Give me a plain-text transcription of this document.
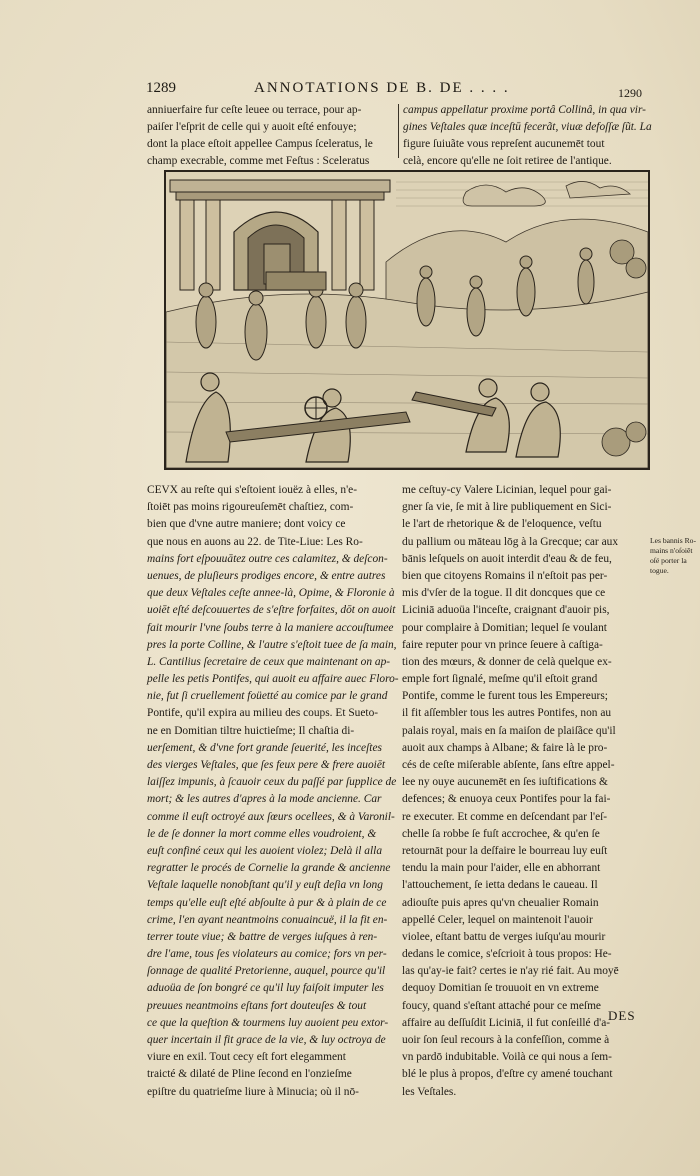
1289	ANNOTATIONS DE B. DE . . . .	1290
anniuerfaire fur ceſte leuee ou terrace, pour ap-
paiſer l'eſprit de celle qui y auoit eſté enfouye;
dont la place eſtoit appellee Campus ſceleratus, le
champ execrable, comme met Feſtus : Sceleratus
campus appellatur proxime portâ Collinâ, in qua vir-
gines Veſtales quæ inceſtū fecerãt, viuæ defoſſæ ſũt. La
figure ſuiuãte vous repreſent aucunemēt tout
celà, encore qu'elle ne ſoit retiree de l'antique.
CEVX au reſte qui s'eſtoient iouëz à elles, n'e-
ſtoiēt pas moins rigoureuſemēt chaſtiez, com-
bien que d'vne autre maniere; dont voicy ce
que nous en auons au 22. de Tite-Liue: Les Ro-
mains fort eſpouuātez outre ces calamitez, & deſcon-
uenues, de pluſieurs prodiges encore, & entre autres
que deux Veſtales ceſte annee-là, Opime, & Floronie à
uoiēt eſté deſcouuertes de s'eſtre forfaites, dōt on auoit
fait mourir l'vne ſoubs terre à la maniere accouſtumee
pres la porte Colline, & l'autre s'eſtoit tuee de ſa main,
L. Cantilius ſecretaire de ceux que maintenant on ap-
pelle les petis Pontifes, qui auoit eu affaire auec Floro-
nie, fut ſi cruellement foüetté au comice par le grand
Pontife, qu'il expira au milieu des coups. Et Sueto-
ne en Domitian tiltre huictieſme; Il chaſtia di-
uerſement, & d'vne fort grande ſeuerité, les inceſtes
des vierges Veſtales, que ſes feux pere & frere auoiēt
laiſſez impunis, à ſcauoir ceux du paſſé par ſupplice de
mort; & les autres d'apres à la mode ancienne. Car
comme il euſt octroyé aux ſœurs ocellees, & à Varonil-
le de ſe donner la mort comme elles voudroient, &
euſt confiné ceux qui les auoient violez; Delà il alla
regratter le procés de Cornelie la grande & ancienne
Veſtale laquelle nonobſtant qu'il y euſt deſia vn long
temps qu'elle euſt eſté abſoulte à pur & à plain de ce
crime, l'en ayant neantmoins conuaincuë, il la fit en-
terrer toute viue; & battre de verges iuſques à ren-
dre l'ame, tous ſes violateurs au comice; fors vn per-
ſonnage de qualité Pretorienne, auquel, pource qu'il
aduoüa de ſon bongré ce qu'il luy faiſoit imputer les
preuues neantmoins eſtans fort douteuſes & tout
ce que la queſtion & tourmens luy auoient peu extor-
quer incertain il fit grace de la vie, & luy octroya de
viure en exil. Tout cecy eſt fort elegamment
traicté & dilaté de Pline ſecond en l'onzieſme
epiſtre du quatrieſme liure à Minucia; où il nō-
me ceſtuy-cy Valere Licinian, lequel pour gai-
gner ſa vie, ſe mit à lire publiquement en Sici-
le l'art de rhetorique & de l'eloquence, veſtu
du pallium ou māteau lōg à la Grecque; car aux
bānis leſquels on auoit interdit d'eau & de feu,
bien que citoyens Romains il n'eſtoit pas per-
mis d'vſer de la togue. Il dit doncques que ce
Liciniā aduoüa l'inceſte, craignant d'auoir pis,
pour complaire à Domitian; lequel ſe voulant
faire reputer pour vn prince ſeuere à caſtiga-
tion des mœurs, & donner de celà quelque ex-
emple fort ſignalé, meſme qu'il eſtoit grand
Pontife, comme le furent tous les Empereurs;
il fit aſſembler tous les autres Pontifes, non au
palais royal, mais en ſa maiſon de plaiſãce qu'il
auoit aux champs à Albane; & faire là le pro-
cés de ceſte miſerable abſente, ſans eſtre appel-
lee ny ouye aucunemēt en ſes iuſtifications &
defences; & enuoya ceux Pontifes pour la fai-
re executer. Et comme en deſcendant par l'eſ-
chelle ſa robbe ſe fuſt accrochee, & qu'en ſe
retournāt pour la deſfaire le bourreau luy euſt
tendu la main pour l'aider, elle en abhorrant
l'attouchement, ſe ietta dedans le caueau. Il
adiouſte puis apres qu'vn cheualier Romain
appellé Celer, lequel on maintenoit l'auoir
violee, eſtant battu de verges iuſqu'au mourir
dedans le comice, s'eſcrioit à tous propos: He-
las qu'ay-ie fait? certes ie n'ay rié fait. Au moyē
dequoy Domitian ſe trouuoit en vn extreme
foucy, quand s'eſtant attaché pour ce meſme
affaire au deſſuſdit Liciniā, il fut conſeillé d'a-
uoir ſon ſeul recours à la confeſſion, comme à
vn pardō indubitable. Voilà ce qui nous a ſem-
blé le plus à propos, d'eſtre cy amené touchant
les Veſtales.
Les bannis Ro-
mains n'oſoiēt
oſé porter la
togue.
DES
